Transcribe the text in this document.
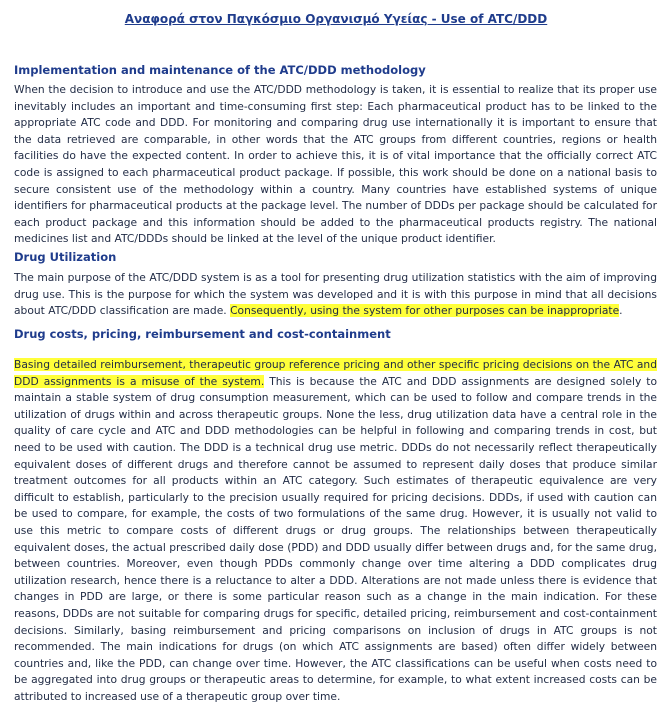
Αναφορά στον Παγκόσμιο Οργανισμό Υγείας - Use of ATC/DDD
Implementation and maintenance of the ATC/DDD methodology

When the decision to introduce and use the ATC/DDD methodology is taken, it is essential to realize that its proper use inevitably includes an important and time-consuming first step: Each pharmaceutical product has to be linked to the appropriate ATC code and DDD. For monitoring and comparing drug use internationally it is important to ensure that the data retrieved are comparable, in other words that the ATC groups from different countries, regions or health facilities do have the expected content. In order to achieve this, it is of vital importance that the officially correct ATC code is assigned to each pharmaceutical product package. If possible, this work should be done on a national basis to secure consistent use of the methodology within a country. Many countries have established systems of unique identifiers for pharmaceutical products at the package level. The number of DDDs per package should be calculated for each product package and this information should be added to the pharmaceutical products registry. The national medicines list and ATC/DDDs should be linked at the level of the unique product identifier.

Drug Utilization

The main purpose of the ATC/DDD system is as a tool for presenting drug utilization statistics with the aim of improving drug use. This is the purpose for which the system was developed and it is with this purpose in mind that all decisions about ATC/DDD classification are made. Consequently, using the system for other purposes can be inappropriate.

Drug costs, pricing, reimbursement and cost-containment

Basing detailed reimbursement, therapeutic group reference pricing and other specific pricing decisions on the ATC and DDD assignments is a misuse of the system. This is because the ATC and DDD assignments are designed solely to maintain a stable system of drug consumption measurement, which can be used to follow and compare trends in the utilization of drugs within and across therapeutic groups. None the less, drug utilization data have a central role in the quality of care cycle and ATC and DDD methodologies can be helpful in following and comparing trends in cost, but need to be used with caution. The DDD is a technical drug use metric. DDDs do not necessarily reflect therapeutically equivalent doses of different drugs and therefore cannot be assumed to represent daily doses that produce similar treatment outcomes for all products within an ATC category. Such estimates of therapeutic equivalence are very difficult to establish, particularly to the precision usually required for pricing decisions. DDDs, if used with caution can be used to compare, for example, the costs of two formulations of the same drug. However, it is usually not valid to use this metric to compare costs of different drugs or drug groups. The relationships between therapeutically equivalent doses, the actual prescribed daily dose (PDD) and DDD usually differ between drugs and, for the same drug, between countries. Moreover, even though PDDs commonly change over time altering a DDD complicates drug utilization research, hence there is a reluctance to alter a DDD. Alterations are not made unless there is evidence that changes in PDD are large, or there is some particular reason such as a change in the main indication. For these reasons, DDDs are not suitable for comparing drugs for specific, detailed pricing, reimbursement and cost-containment decisions. Similarly, basing reimbursement and pricing comparisons on inclusion of drugs in ATC groups is not recommended. The main indications for drugs (on which ATC assignments are based) often differ widely between countries and, like the PDD, can change over time. However, the ATC classifications can be useful when costs need to be aggregated into drug groups or therapeutic areas to determine, for example, to what extent increased costs can be attributed to increased use of a therapeutic group over time.
